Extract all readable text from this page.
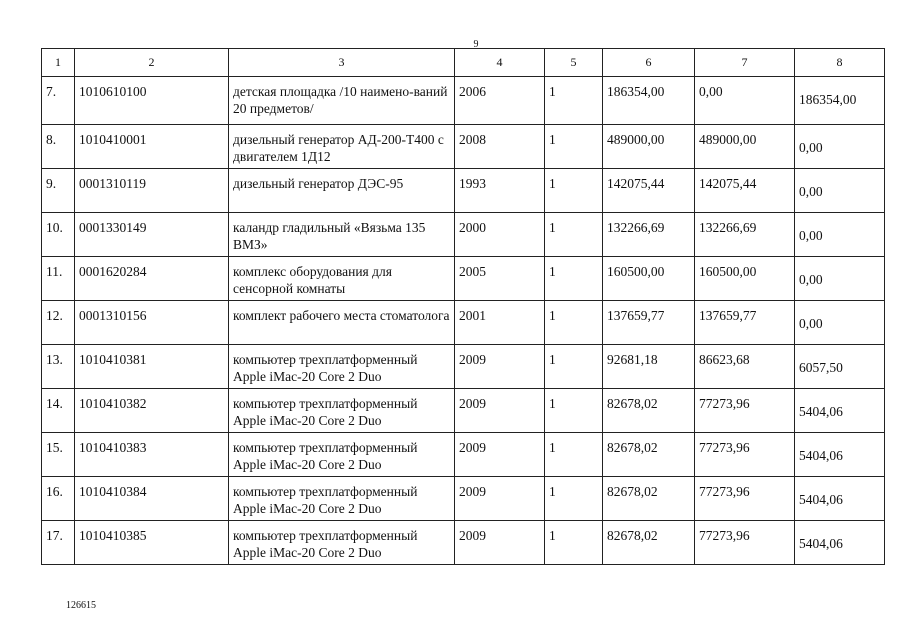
9
1	2	3	4	5	6	7	8
7.	1010610100	детская площадка /10 наимено-ваний 20 предметов/	2006	1	186354,00	0,00	186354,00
8.	1010410001	дизельный генератор АД-200-Т400 с двигателем 1Д12	2008	1	489000,00	489000,00	0,00
9.	0001310119	дизельный генератор ДЭС-95	1993	1	142075,44	142075,44	0,00
10.	0001330149	каландр гладильный «Вязьма 135 ВМЗ»	2000	1	132266,69	132266,69	0,00
11.	0001620284	комплекс оборудования для сенсорной комнаты	2005	1	160500,00	160500,00	0,00
12.	0001310156	комплект рабочего места стоматолога	2001	1	137659,77	137659,77	0,00
13.	1010410381	компьютер трехплатформенный Apple iMac-20 Core 2 Duo	2009	1	92681,18	86623,68	6057,50
14.	1010410382	компьютер трехплатформенный Apple iMac-20 Core 2 Duo	2009	1	82678,02	77273,96	5404,06
15.	1010410383	компьютер трехплатформенный Apple iMac-20 Core 2 Duo	2009	1	82678,02	77273,96	5404,06
16.	1010410384	компьютер трехплатформенный Apple iMac-20 Core 2 Duo	2009	1	82678,02	77273,96	5404,06
17.	1010410385	компьютер трехплатформенный Apple iMac-20 Core 2 Duo	2009	1	82678,02	77273,96	5404,06
126615
